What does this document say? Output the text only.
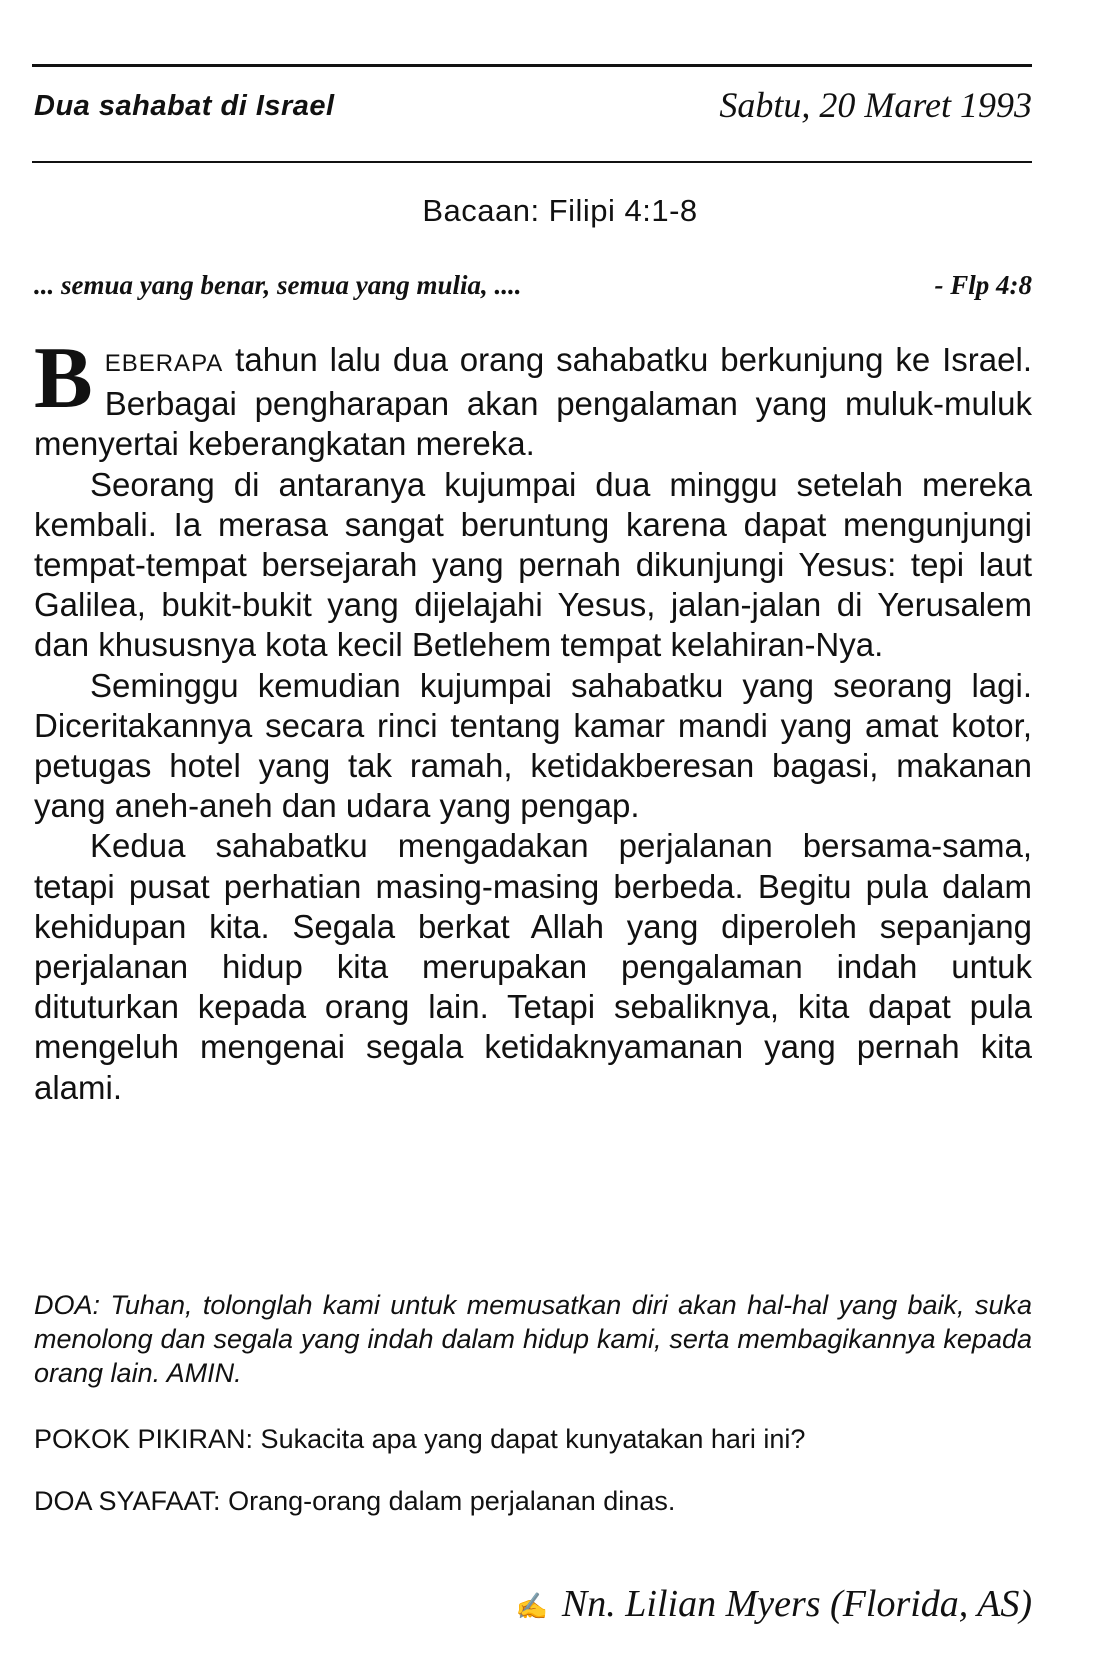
Dua sahabat di Israel	Sabtu, 20 Maret 1993
Bacaan: Filipi 4:1-8
... semua yang benar, semua yang mulia, ....	- Flp 4:8

BEBERAPA tahun lalu dua orang sahabatku berkunjung ke Israel. Berbagai pengharapan akan pengalaman yang muluk-muluk menyertai keberangkatan mereka.

Seorang di antaranya kujumpai dua minggu setelah mereka kembali. Ia merasa sangat beruntung karena dapat mengunjungi tempat-tempat bersejarah yang pernah dikunjungi Yesus: tepi laut Galilea, bukit-bukit yang dijelajahi Yesus, jalan-jalan di Yerusalem dan khususnya kota kecil Betlehem tempat kelahiran-Nya.

Seminggu kemudian kujumpai sahabatku yang seorang lagi. Diceritakannya secara rinci tentang kamar mandi yang amat kotor, petugas hotel yang tak ramah, ketidakberesan bagasi, makanan yang aneh-aneh dan udara yang pengap.

Kedua sahabatku mengadakan perjalanan bersama-sama, tetapi pusat perhatian masing-masing berbeda. Begitu pula dalam kehidupan kita. Segala berkat Allah yang diperoleh sepanjang perjalanan hidup kita merupakan pengalaman indah untuk dituturkan kepada orang lain. Tetapi sebaliknya, kita dapat pula mengeluh mengenai segala ketidaknyamanan yang pernah kita alami.

DOA: Tuhan, tolonglah kami untuk memusatkan diri akan hal-hal yang baik, suka menolong dan segala yang indah dalam hidup kami, serta membagikannya kepada orang lain. AMIN.
POKOK PIKIRAN: Sukacita apa yang dapat kunyatakan hari ini?
DOA SYAFAAT: Orang-orang dalam perjalanan dinas.
✍ Nn. Lilian Myers (Florida, AS)
